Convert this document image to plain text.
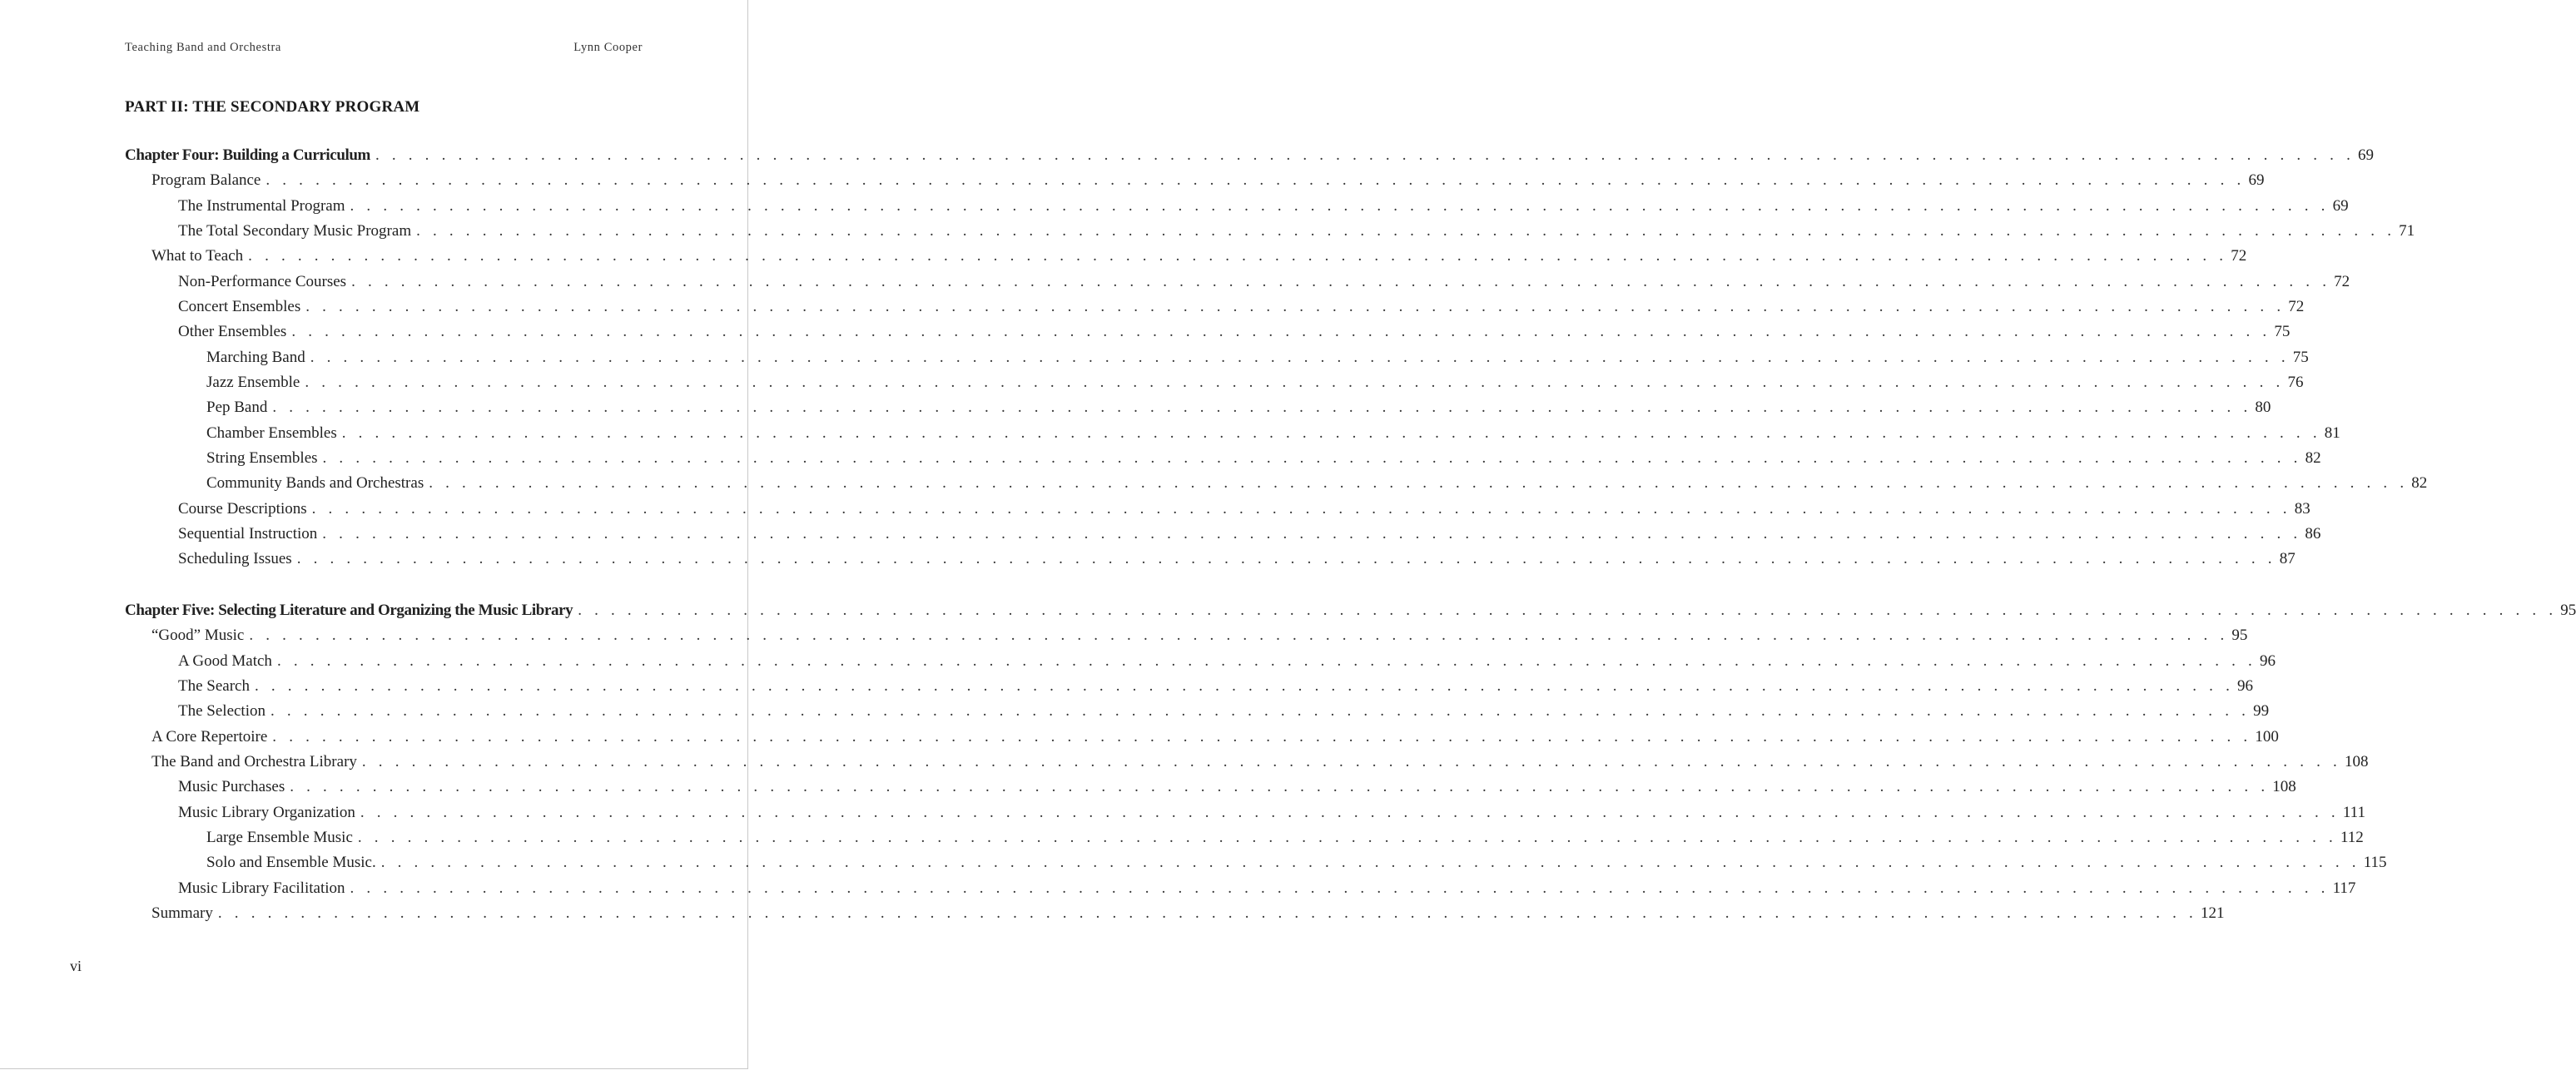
Teaching Band and Orchestra	Lynn Cooper
PART II: THE SECONDARY PROGRAM
Chapter Four: Building a Curriculum . . . . . . . . . . . . . . . . . . . . . . . . . . . . . . . . . . . . . . . . . . . . . . . . . . . . . . . . . . . . . . . . . . . . . . . . . . . . . . . . . . . . . . . . . . . . . . . . . . . . . . . . . . . . . . . . . . . . . . . . 69
Program Balance . . . . . . . . . . . . . . . . . . . . . . . . . . . . . . . . . . . . . . . . . . . . . . . . . . . . . . . . . . . . . . . . . . . . . . . . . . . . . . . . . . . . . . . . . . . . . . . . . . . . . . . . . . . . . . . . . . . . . . . . 69
The Instrumental Program . . . . . . . . . . . . . . . . . . . . . . . . . . . . . . . . . . . . . . . . . . . . . . . . . . . . . . . . . . . . . . . . . . . . . . . . . . . . . . . . . . . . . . . . . . . . . . . . . . . . . . . . . . . . . . . . . . . . . . . . 69
The Total Secondary Music Program . . . . . . . . . . . . . . . . . . . . . . . . . . . . . . . . . . . . . . . . . . . . . . . . . . . . . . . . . . . . . . . . . . . . . . . . . . . . . . . . . . . . . . . . . . . . . . . . . . . . . . . . . . . . . . . . . . . . . . . . 71
What to Teach . . . . . . . . . . . . . . . . . . . . . . . . . . . . . . . . . . . . . . . . . . . . . . . . . . . . . . . . . . . . . . . . . . . . . . . . . . . . . . . . . . . . . . . . . . . . . . . . . . . . . . . . . . . . . . . . . . . . . . . . 72
Non-Performance Courses . . . . . . . . . . . . . . . . . . . . . . . . . . . . . . . . . . . . . . . . . . . . . . . . . . . . . . . . . . . . . . . . . . . . . . . . . . . . . . . . . . . . . . . . . . . . . . . . . . . . . . . . . . . . . . . . . . . . . . . . 72
Concert Ensembles . . . . . . . . . . . . . . . . . . . . . . . . . . . . . . . . . . . . . . . . . . . . . . . . . . . . . . . . . . . . . . . . . . . . . . . . . . . . . . . . . . . . . . . . . . . . . . . . . . . . . . . . . . . . . . . . . . . . . . . . 72
Other Ensembles . . . . . . . . . . . . . . . . . . . . . . . . . . . . . . . . . . . . . . . . . . . . . . . . . . . . . . . . . . . . . . . . . . . . . . . . . . . . . . . . . . . . . . . . . . . . . . . . . . . . . . . . . . . . . . . . . . . . . . . . 75
Marching Band . . . . . . . . . . . . . . . . . . . . . . . . . . . . . . . . . . . . . . . . . . . . . . . . . . . . . . . . . . . . . . . . . . . . . . . . . . . . . . . . . . . . . . . . . . . . . . . . . . . . . . . . . . . . . . . . . . . . . . . . 75
Jazz Ensemble . . . . . . . . . . . . . . . . . . . . . . . . . . . . . . . . . . . . . . . . . . . . . . . . . . . . . . . . . . . . . . . . . . . . . . . . . . . . . . . . . . . . . . . . . . . . . . . . . . . . . . . . . . . . . . . . . . . . . . . . 76
Pep Band . . . . . . . . . . . . . . . . . . . . . . . . . . . . . . . . . . . . . . . . . . . . . . . . . . . . . . . . . . . . . . . . . . . . . . . . . . . . . . . . . . . . . . . . . . . . . . . . . . . . . . . . . . . . . . . . . . . . . . . . 80
Chamber Ensembles . . . . . . . . . . . . . . . . . . . . . . . . . . . . . . . . . . . . . . . . . . . . . . . . . . . . . . . . . . . . . . . . . . . . . . . . . . . . . . . . . . . . . . . . . . . . . . . . . . . . . . . . . . . . . . . . . . . . . . . . 81
String Ensembles . . . . . . . . . . . . . . . . . . . . . . . . . . . . . . . . . . . . . . . . . . . . . . . . . . . . . . . . . . . . . . . . . . . . . . . . . . . . . . . . . . . . . . . . . . . . . . . . . . . . . . . . . . . . . . . . . . . . . . . . 82
Community Bands and Orchestras . . . . . . . . . . . . . . . . . . . . . . . . . . . . . . . . . . . . . . . . . . . . . . . . . . . . . . . . . . . . . . . . . . . . . . . . . . . . . . . . . . . . . . . . . . . . . . . . . . . . . . . . . . . . . . . . . . . . . . . . 82
Course Descriptions . . . . . . . . . . . . . . . . . . . . . . . . . . . . . . . . . . . . . . . . . . . . . . . . . . . . . . . . . . . . . . . . . . . . . . . . . . . . . . . . . . . . . . . . . . . . . . . . . . . . . . . . . . . . . . . . . . . . . . . . 83
Sequential Instruction . . . . . . . . . . . . . . . . . . . . . . . . . . . . . . . . . . . . . . . . . . . . . . . . . . . . . . . . . . . . . . . . . . . . . . . . . . . . . . . . . . . . . . . . . . . . . . . . . . . . . . . . . . . . . . . . . . . . . . . . 86
Scheduling Issues . . . . . . . . . . . . . . . . . . . . . . . . . . . . . . . . . . . . . . . . . . . . . . . . . . . . . . . . . . . . . . . . . . . . . . . . . . . . . . . . . . . . . . . . . . . . . . . . . . . . . . . . . . . . . . . . . . . . . . . . 87
Chapter Five: Selecting Literature and Organizing the Music Library . . . . . . . . . . . . . . . . . . . . . . . . . . . . . . . . . . . . . . . . . . . . . . . . . . . . . . . . . . . . . . . . . . . . . . . . . . . . . . . . . . . . . . . . . . . . . . . . . . . . . . . . . . . . . . . . . . . . . . . . 95
“Good” Music . . . . . . . . . . . . . . . . . . . . . . . . . . . . . . . . . . . . . . . . . . . . . . . . . . . . . . . . . . . . . . . . . . . . . . . . . . . . . . . . . . . . . . . . . . . . . . . . . . . . . . . . . . . . . . . . . . . . . . . . 95
A Good Match . . . . . . . . . . . . . . . . . . . . . . . . . . . . . . . . . . . . . . . . . . . . . . . . . . . . . . . . . . . . . . . . . . . . . . . . . . . . . . . . . . . . . . . . . . . . . . . . . . . . . . . . . . . . . . . . . . . . . . . . 96
The Search . . . . . . . . . . . . . . . . . . . . . . . . . . . . . . . . . . . . . . . . . . . . . . . . . . . . . . . . . . . . . . . . . . . . . . . . . . . . . . . . . . . . . . . . . . . . . . . . . . . . . . . . . . . . . . . . . . . . . . . . 96
The Selection . . . . . . . . . . . . . . . . . . . . . . . . . . . . . . . . . . . . . . . . . . . . . . . . . . . . . . . . . . . . . . . . . . . . . . . . . . . . . . . . . . . . . . . . . . . . . . . . . . . . . . . . . . . . . . . . . . . . . . . . 99
A Core Repertoire . . . . . . . . . . . . . . . . . . . . . . . . . . . . . . . . . . . . . . . . . . . . . . . . . . . . . . . . . . . . . . . . . . . . . . . . . . . . . . . . . . . . . . . . . . . . . . . . . . . . . . . . . . . . . . . . . . . . . . . . 100
The Band and Orchestra Library . . . . . . . . . . . . . . . . . . . . . . . . . . . . . . . . . . . . . . . . . . . . . . . . . . . . . . . . . . . . . . . . . . . . . . . . . . . . . . . . . . . . . . . . . . . . . . . . . . . . . . . . . . . . . . . . . . . . . . . . 108
Music Purchases . . . . . . . . . . . . . . . . . . . . . . . . . . . . . . . . . . . . . . . . . . . . . . . . . . . . . . . . . . . . . . . . . . . . . . . . . . . . . . . . . . . . . . . . . . . . . . . . . . . . . . . . . . . . . . . . . . . . . . . . 108
Music Library Organization . . . . . . . . . . . . . . . . . . . . . . . . . . . . . . . . . . . . . . . . . . . . . . . . . . . . . . . . . . . . . . . . . . . . . . . . . . . . . . . . . . . . . . . . . . . . . . . . . . . . . . . . . . . . . . . . . . . . . . . . 111
Large Ensemble Music . . . . . . . . . . . . . . . . . . . . . . . . . . . . . . . . . . . . . . . . . . . . . . . . . . . . . . . . . . . . . . . . . . . . . . . . . . . . . . . . . . . . . . . . . . . . . . . . . . . . . . . . . . . . . . . . . . . . . . . . 112
Solo and Ensemble Music. . . . . . . . . . . . . . . . . . . . . . . . . . . . . . . . . . . . . . . . . . . . . . . . . . . . . . . . . . . . . . . . . . . . . . . . . . . . . . . . . . . . . . . . . . . . . . . . . . . . . . . . . . . . . . . . . . . . . . . . . 115
Music Library Facilitation . . . . . . . . . . . . . . . . . . . . . . . . . . . . . . . . . . . . . . . . . . . . . . . . . . . . . . . . . . . . . . . . . . . . . . . . . . . . . . . . . . . . . . . . . . . . . . . . . . . . . . . . . . . . . . . . . . . . . . . . 117
Summary . . . . . . . . . . . . . . . . . . . . . . . . . . . . . . . . . . . . . . . . . . . . . . . . . . . . . . . . . . . . . . . . . . . . . . . . . . . . . . . . . . . . . . . . . . . . . . . . . . . . . . . . . . . . . . . . . . . . . . . . 121
vi
